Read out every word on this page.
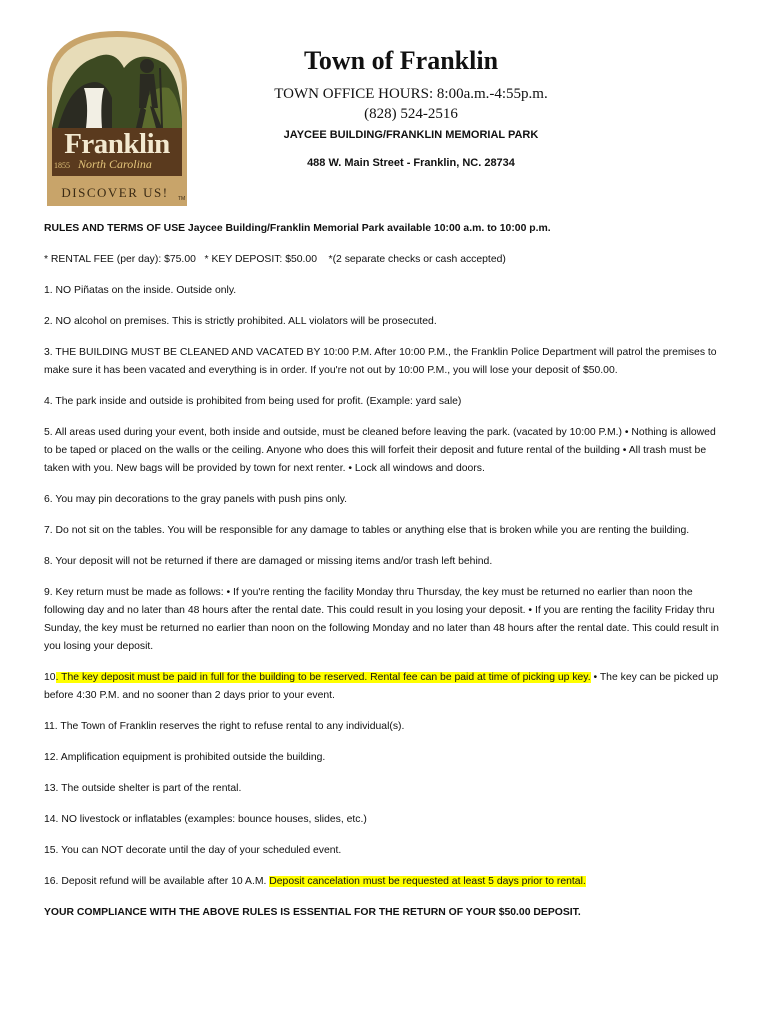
Franklin
1855 North Carolina
DISCOVER US!	TM
Town of Franklin
TOWN OFFICE HOURS: 8:00a.m.-4:55p.m.
(828) 524-2516
JAYCEE BUILDING/FRANKLIN MEMORIAL PARK
488 W. Main Street - Franklin, NC. 28734

RULES AND TERMS OF USE Jaycee Building/Franklin Memorial Park available 10:00 a.m. to 10:00 p.m.

* RENTAL FEE (per day): $75.00   * KEY DEPOSIT: $50.00    *(2 separate checks or cash accepted)

1. NO Piñatas on the inside. Outside only.

2. NO alcohol on premises. This is strictly prohibited. ALL violators will be prosecuted.

3. THE BUILDING MUST BE CLEANED AND VACATED BY 10:00 P.M. After 10:00 P.M., the Franklin Police Department will patrol the premises to make sure it has been vacated and everything is in order. If you're not out by 10:00 P.M., you will lose your deposit of $50.00.

4. The park inside and outside is prohibited from being used for profit. (Example: yard sale)

5. All areas used during your event, both inside and outside, must be cleaned before leaving the park. (vacated by 10:00 P.M.) • Nothing is allowed to be taped or placed on the walls or the ceiling. Anyone who does this will forfeit their deposit and future rental of the building • All trash must be taken with you. New bags will be provided by town for next renter. • Lock all windows and doors.

6. You may pin decorations to the gray panels with push pins only.

7. Do not sit on the tables. You will be responsible for any damage to tables or anything else that is broken while you are renting the building.

8. Your deposit will not be returned if there are damaged or missing items and/or trash left behind.

9. Key return must be made as follows: • If you're renting the facility Monday thru Thursday, the key must be returned no earlier than noon the following day and no later than 48 hours after the rental date. This could result in you losing your deposit. • If you are renting the facility Friday thru Sunday, the key must be returned no earlier than noon on the following Monday and no later than 48 hours after the rental date. This could result in you losing your deposit.

10. The key deposit must be paid in full for the building to be reserved. Rental fee can be paid at time of picking up key. • The key can be picked up before 4:30 P.M. and no sooner than 2 days prior to your event.

11. The Town of Franklin reserves the right to refuse rental to any individual(s).

12. Amplification equipment is prohibited outside the building.

13. The outside shelter is part of the rental.

14. NO livestock or inflatables (examples: bounce houses, slides, etc.)

15. You can NOT decorate until the day of your scheduled event.

16. Deposit refund will be available after 10 A.M. Deposit cancelation must be requested at least 5 days prior to rental.

YOUR COMPLIANCE WITH THE ABOVE RULES IS ESSENTIAL FOR THE RETURN OF YOUR $50.00 DEPOSIT.
